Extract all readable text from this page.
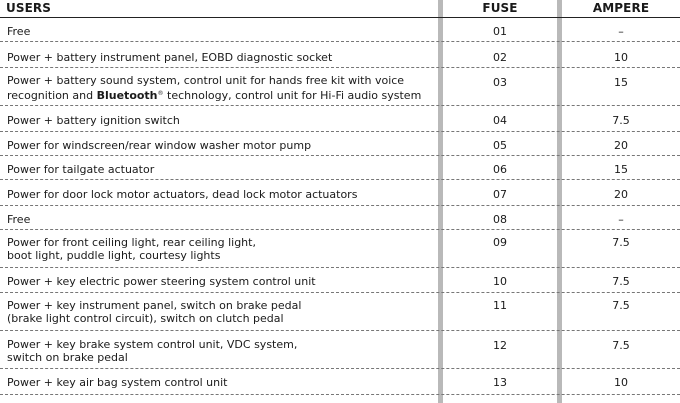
USERS	FUSE	AMPERE
Free	01	–
Power + battery instrument panel, EOBD diagnostic socket	02	10
Power + battery sound system, control unit for hands free kit with voice
recognition and Bluetooth® technology, control unit for Hi-Fi audio system
03	15
Power + battery ignition switch	04	7.5
Power for windscreen/rear window washer motor pump	05	20
Power for tailgate actuator	06	15
Power for door lock motor actuators, dead lock motor actuators	07	20
Free	08	–
Power for front ceiling light, rear ceiling light,
boot light, puddle light, courtesy lights
09	7.5
Power + key electric power steering system control unit	10	7.5
Power + key instrument panel, switch on brake pedal
(brake light control circuit), switch on clutch pedal
11	7.5
Power + key brake system control unit, VDC system,
switch on brake pedal
12	7.5
Power + key air bag system control unit	13	10
